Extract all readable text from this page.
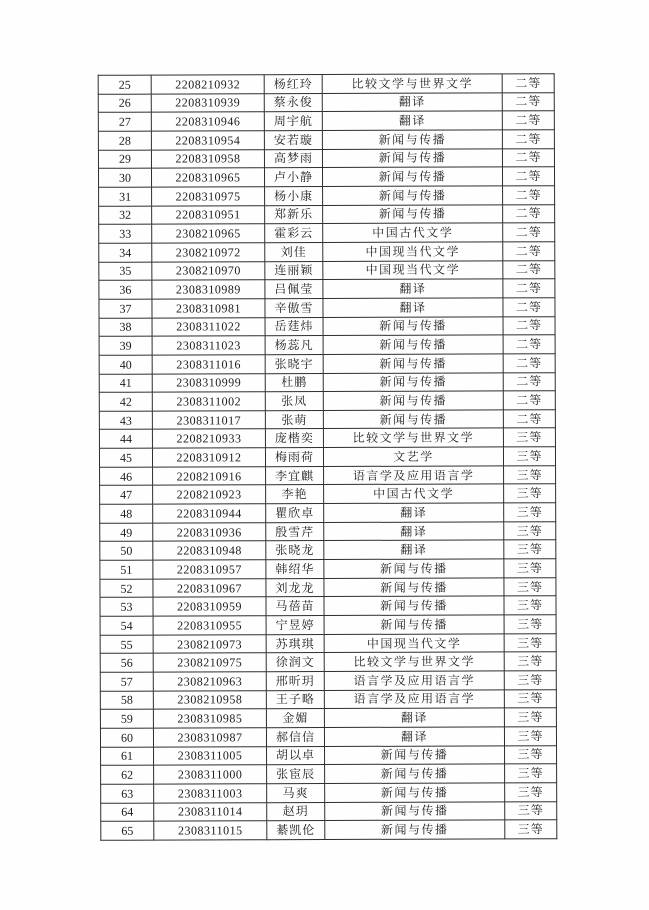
25	2208210932	杨红玲	比较文学与世界文学	二等
26	2208310939	蔡永俊	翻译	二等
27	2208310946	周宇航	翻译	二等
28	2208310954	安若璇	新闻与传播	二等
29	2208310958	高梦雨	新闻与传播	二等
30	2208310965	卢小静	新闻与传播	二等
31	2208310975	杨小康	新闻与传播	二等
32	2208310951	郑新乐	新闻与传播	二等
33	2308210965	霍彩云	中国古代文学	二等
34	2308210972	刘佳	中国现当代文学	二等
35	2308210970	连丽颖	中国现当代文学	二等
36	2308310989	吕佩莹	翻译	二等
37	2308310981	辛傲雪	翻译	二等
38	2308311022	岳莛炜	新闻与传播	二等
39	2308311023	杨蕊凡	新闻与传播	二等
40	2308311016	张晓宇	新闻与传播	二等
41	2308310999	杜鹏	新闻与传播	二等
42	2308311002	张凤	新闻与传播	二等
43	2308311017	张萌	新闻与传播	二等
44	2208210933	庞楷奕	比较文学与世界文学	三等
45	2208310912	梅雨荷	文艺学	三等
46	2208210916	李宜麒	语言学及应用语言学	三等
47	2208210923	李艳	中国古代文学	三等
48	2208310944	瞿欣卓	翻译	三等
49	2208310936	殷雪芹	翻译	三等
50	2208310948	张晓龙	翻译	三等
51	2208310957	韩绍华	新闻与传播	三等
52	2208310967	刘龙龙	新闻与传播	三等
53	2208310959	马蓓苗	新闻与传播	三等
54	2208310955	宁昱婷	新闻与传播	三等
55	2308210973	苏琪琪	中国现当代文学	三等
56	2308210975	徐润文	比较文学与世界文学	三等
57	2308210963	邢昕玥	语言学及应用语言学	三等
58	2308210958	王子略	语言学及应用语言学	三等
59	2308310985	金媚	翻译	三等
60	2308310987	郝信信	翻译	三等
61	2308311005	胡以卓	新闻与传播	三等
62	2308311000	张宦辰	新闻与传播	三等
63	2308311003	马爽	新闻与传播	三等
64	2308311014	赵玥	新闻与传播	三等
65	2308311015	綦凯伦	新闻与传播	三等
